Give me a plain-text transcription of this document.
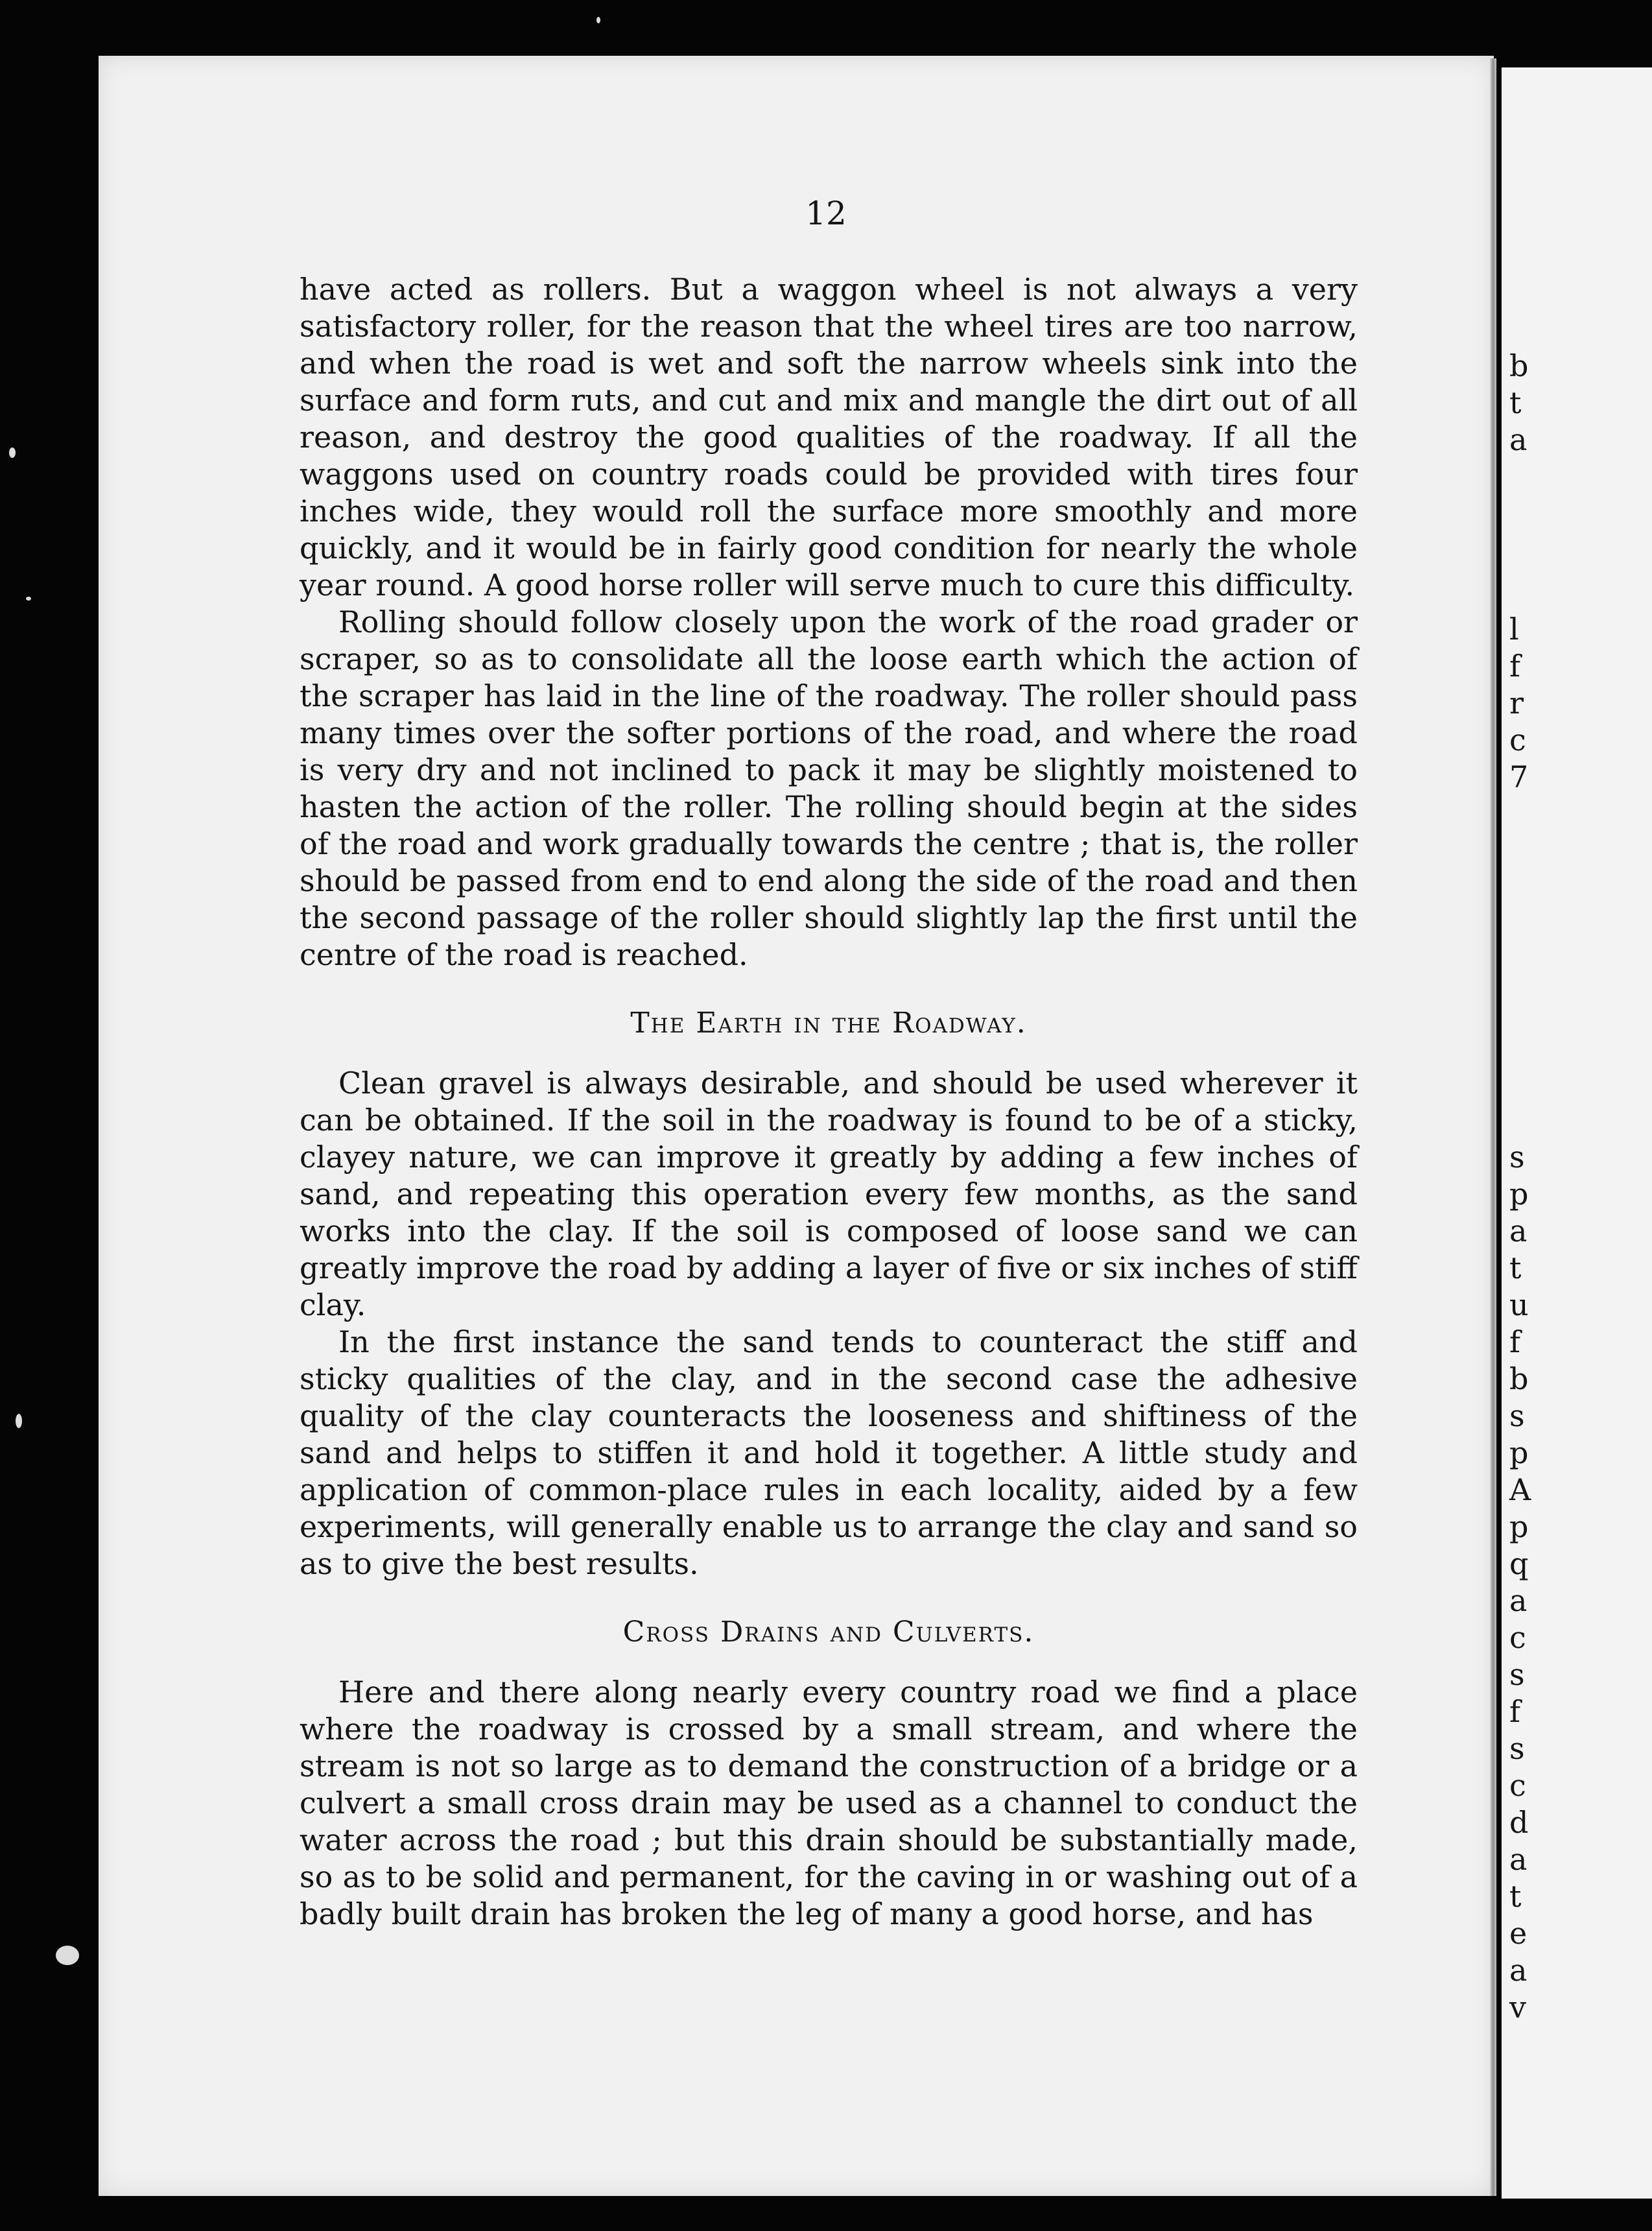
b
t
a
l
f
r
c
7
s
p
a
t
u
f
b
s
p
A
p
q
a
c
s
f
s
c
d
a
t
e
a
v
12

have acted as rollers. But a waggon wheel is not always a very satisfactory roller, for the reason that the wheel tires are too narrow, and when the road is wet and soft the narrow wheels sink into the surface and form ruts, and cut and mix and mangle the dirt out of all reason, and destroy the good qualities of the roadway. If all the waggons used on country roads could be provided with tires four inches wide, they would roll the surface more smoothly and more quickly, and it would be in fairly good condition for nearly the whole year round. A good horse roller will serve much to cure this difficulty.

Rolling should follow closely upon the work of the road grader or scraper, so as to consolidate all the loose earth which the action of the scraper has laid in the line of the roadway. The roller should pass many times over the softer portions of the road, and where the road is very dry and not inclined to pack it may be slightly moistened to hasten the action of the roller. The rolling should begin at the sides of the road and work gradually towards the centre ; that is, the roller should be passed from end to end along the side of the road and then the second passage of the roller should slightly lap the first until the centre of the road is reached.

The Earth in the Roadway.

Clean gravel is always desirable, and should be used wherever it can be obtained. If the soil in the roadway is found to be of a sticky, clayey nature, we can improve it greatly by adding a few inches of sand, and repeating this operation every few months, as the sand works into the clay. If the soil is composed of loose sand we can greatly improve the road by adding a layer of five or six inches of stiff clay.

In the first instance the sand tends to counteract the stiff and sticky qualities of the clay, and in the second case the adhesive quality of the clay counteracts the looseness and shiftiness of the sand and helps to stiffen it and hold it together. A little study and application of common-place rules in each locality, aided by a few experiments, will generally enable us to arrange the clay and sand so as to give the best results.

Cross Drains and Culverts.

Here and there along nearly every country road we find a place where the roadway is crossed by a small stream, and where the stream is not so large as to demand the construction of a bridge or a culvert a small cross drain may be used as a channel to conduct the water across the road ; but this drain should be substantially made, so as to be solid and permanent, for the caving in or washing out of a badly built drain has broken the leg of many a good horse, and has
